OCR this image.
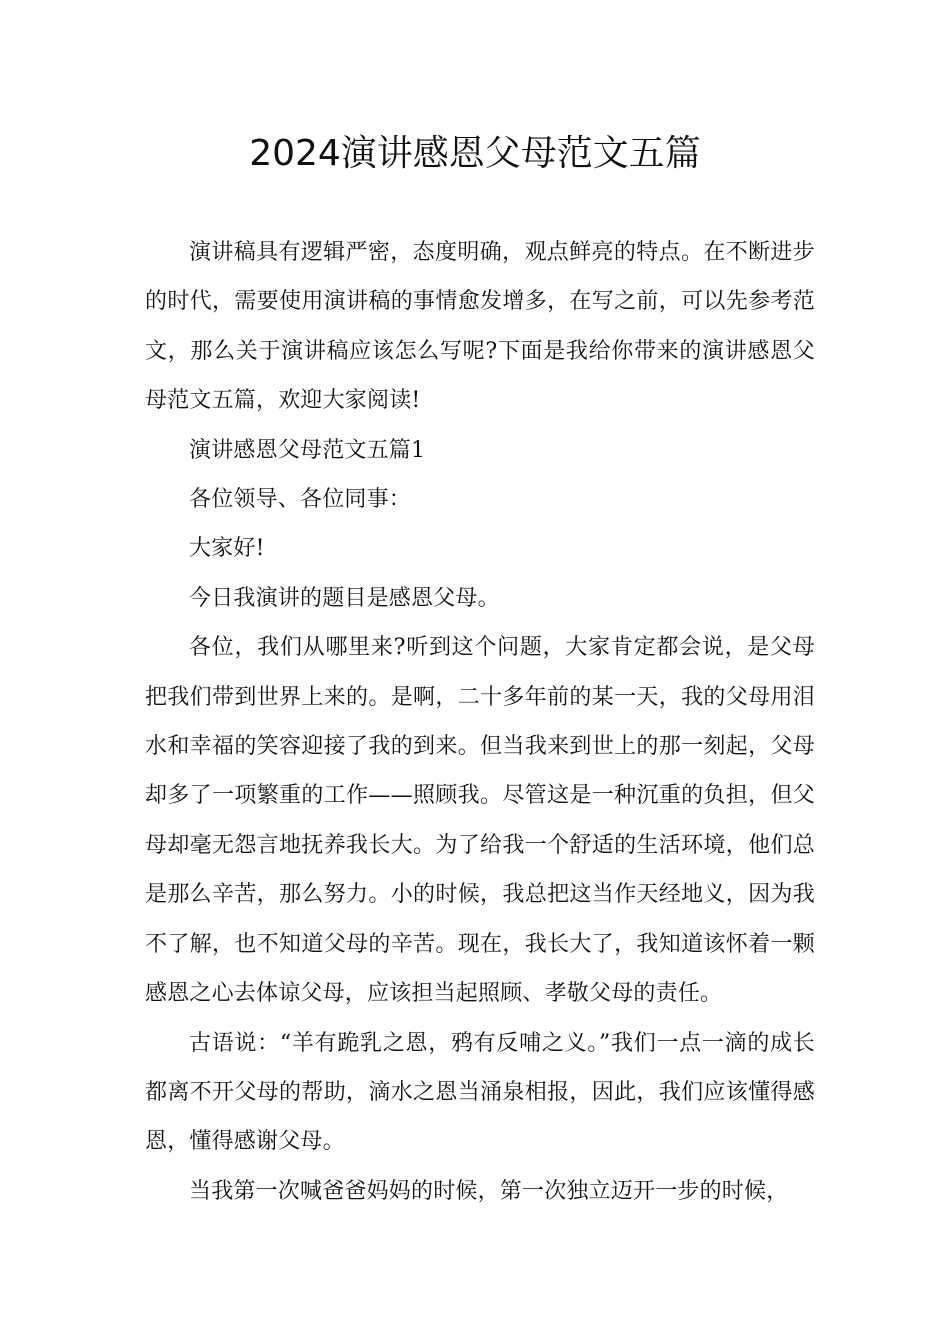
2024演讲感恩父母范文五篇

演讲稿具有逻辑严密，态度明确，观点鲜亮的特点。在不断进步的时代，需要使用演讲稿的事情愈发增多，在写之前，可以先参考范文，那么关于演讲稿应该怎么写呢?下面是我给你带来的演讲感恩父母范文五篇，欢迎大家阅读!

演讲感恩父母范文五篇1

各位领导、各位同事：

大家好!

今日我演讲的题目是感恩父母。

各位，我们从哪里来?听到这个问题，大家肯定都会说，是父母把我们带到世界上来的。是啊，二十多年前的某一天，我的父母用泪水和幸福的笑容迎接了我的到来。但当我来到世上的那一刻起，父母却多了一项繁重的工作——照顾我。尽管这是一种沉重的负担，但父母却毫无怨言地抚养我长大。为了给我一个舒适的生活环境，他们总是那么辛苦，那么努力。小的时候，我总把这当作天经地义，因为我不了解，也不知道父母的辛苦。现在，我长大了，我知道该怀着一颗感恩之心去体谅父母，应该担当起照顾、孝敬父母的责任。

古语说：“羊有跪乳之恩，鸦有反哺之义。”我们一点一滴的成长都离不开父母的帮助，滴水之恩当涌泉相报，因此，我们应该懂得感恩，懂得感谢父母。

当我第一次喊爸爸妈妈的时候，第一次独立迈开一步的时候，
